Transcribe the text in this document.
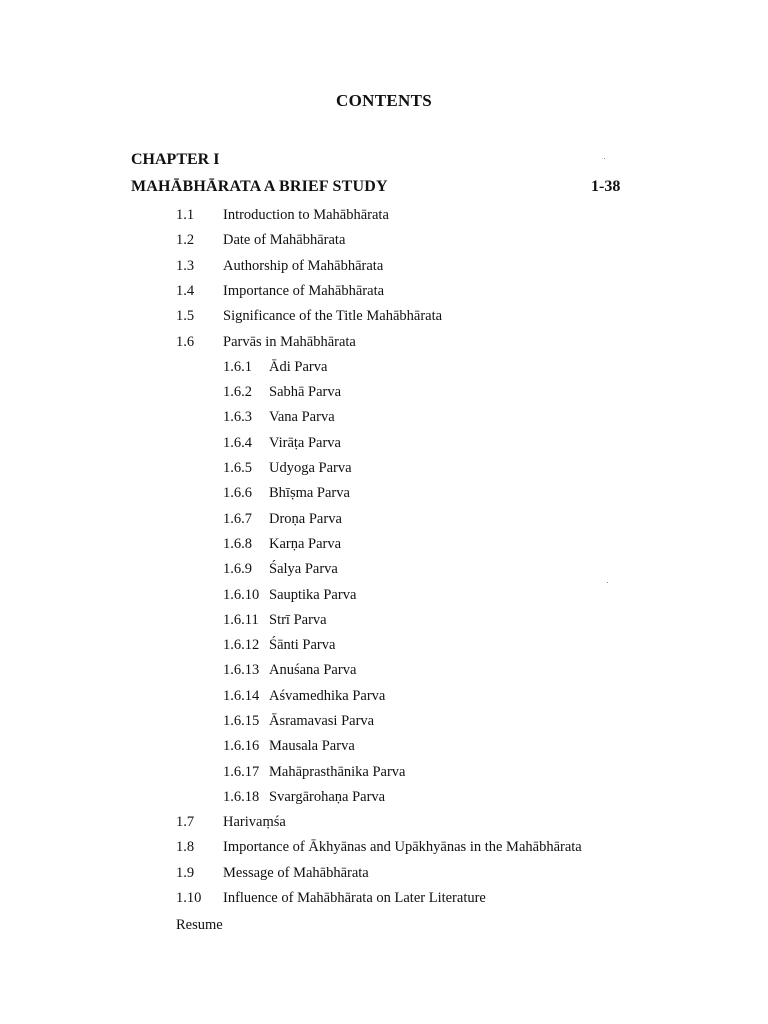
CONTENTS
CHAPTER I
MAHĀBHĀRATA A BRIEF STUDY	1-38
1.1 Introduction to Mahābhārata
1.2 Date of Mahābhārata
1.3 Authorship of Mahābhārata
1.4 Importance of Mahābhārata
1.5 Significance of the Title Mahābhārata
1.6 Parvās in Mahābhārata
1.6.1 Ādi Parva
1.6.2 Sabhā Parva
1.6.3 Vana Parva
1.6.4 Virāṭa Parva
1.6.5 Udyoga Parva
1.6.6 Bhīṣma Parva
1.6.7 Droṇa Parva
1.6.8 Karṇa Parva
1.6.9 Śalya Parva
1.6.10 Sauptika Parva
1.6.11 Strī Parva
1.6.12 Śānti Parva
1.6.13 Anuśana Parva
1.6.14 Aśvamedhika Parva
1.6.15 Āsramavasi Parva
1.6.16 Mausala Parva
1.6.17 Mahāprasthānika Parva
1.6.18 Svargārohaṇa Parva
1.7 Harivaṃśa
1.8 Importance of Ākhyānas and Upākhyānas in the Mahābhārata
1.9 Message of Mahābhārata
1.10 Influence of Mahābhārata on Later Literature
Resume
